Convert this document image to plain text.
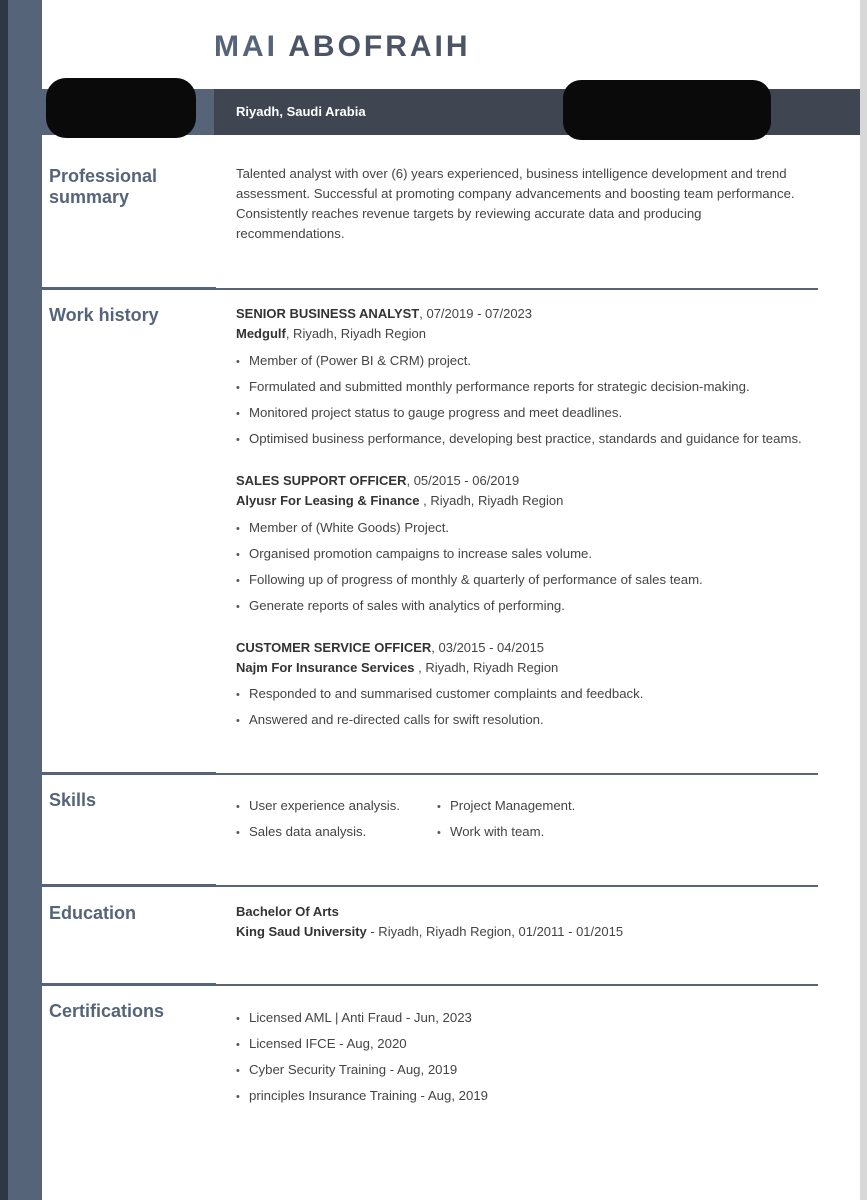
MAI ABOFRAIH
Riyadh, Saudi Arabia
Professional
summary
Talented analyst with over (6) years experienced, business intelligence development and trend
assessment. Successful at promoting company advancements and boosting team performance.
Consistently reaches revenue targets by reviewing accurate data and producing
recommendations.
Work history	SENIOR BUSINESS ANALYST, 07/2019 - 07/2023
Medgulf, Riyadh, Riyadh Region
• Member of (Power BI & CRM) project.
• Formulated and submitted monthly performance reports for strategic decision-making.
• Monitored project status to gauge progress and meet deadlines.
• Optimised business performance, developing best practice, standards and guidance for teams.
SALES SUPPORT OFFICER, 05/2015 - 06/2019
Alyusr For Leasing & Finance , Riyadh, Riyadh Region
• Member of (White Goods) Project.
• Organised promotion campaigns to increase sales volume.
• Following up of progress of monthly & quarterly of performance of sales team.
• Generate reports of sales with analytics of performing.
CUSTOMER SERVICE OFFICER, 03/2015 - 04/2015
Najm For Insurance Services , Riyadh, Riyadh Region
• Responded to and summarised customer complaints and feedback.
• Answered and re-directed calls for swift resolution.
Skills	• User experience analysis.
• Sales data analysis.
• Project Management.
• Work with team.
Education	Bachelor Of Arts
King Saud University - Riyadh, Riyadh Region, 01/2011 - 01/2015
Certifications	• Licensed AML | Anti Fraud - Jun, 2023
• Licensed IFCE - Aug, 2020
• Cyber Security Training - Aug, 2019
• principles Insurance Training - Aug, 2019
